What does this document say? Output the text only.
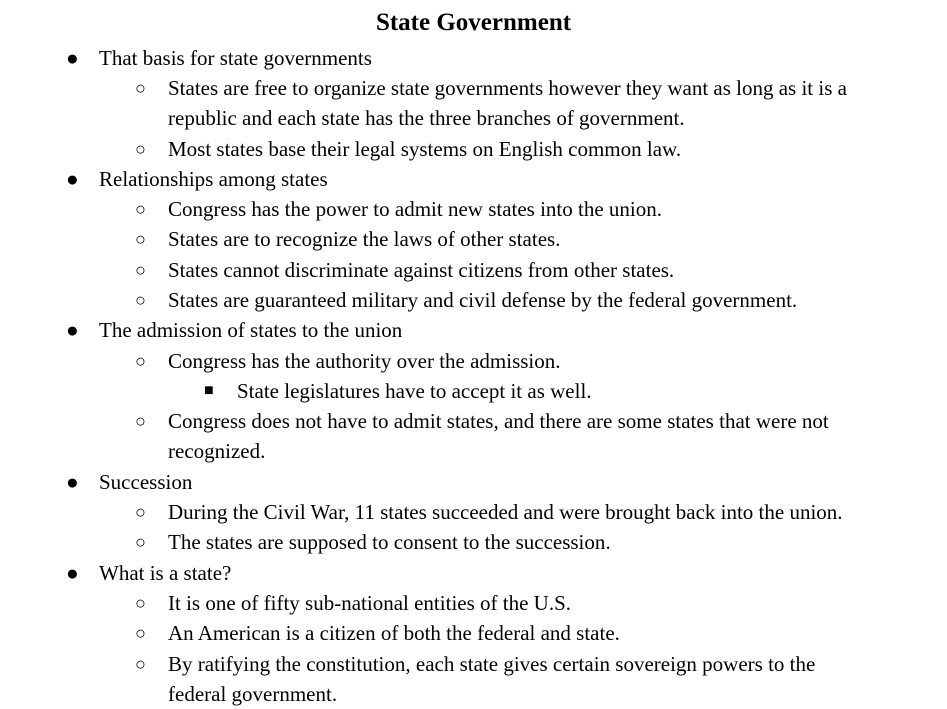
State Government
● That basis for state governments
○ States are free to organize state governments however they want as long as it is a
republic and each state has the three branches of government.
○ Most states base their legal systems on English common law.
● Relationships among states
○ Congress has the power to admit new states into the union.
○ States are to recognize the laws of other states.
○ States cannot discriminate against citizens from other states.
○ States are guaranteed military and civil defense by the federal government.
● The admission of states to the union
○ Congress has the authority over the admission.
■ State legislatures have to accept it as well.
○ Congress does not have to admit states, and there are some states that were not
recognized.
● Succession
○ During the Civil War, 11 states succeeded and were brought back into the union.
○ The states are supposed to consent to the succession.
● What is a state?
○ It is one of fifty sub-national entities of the U.S.
○ An American is a citizen of both the federal and state.
○ By ratifying the constitution, each state gives certain sovereign powers to the
federal government.
